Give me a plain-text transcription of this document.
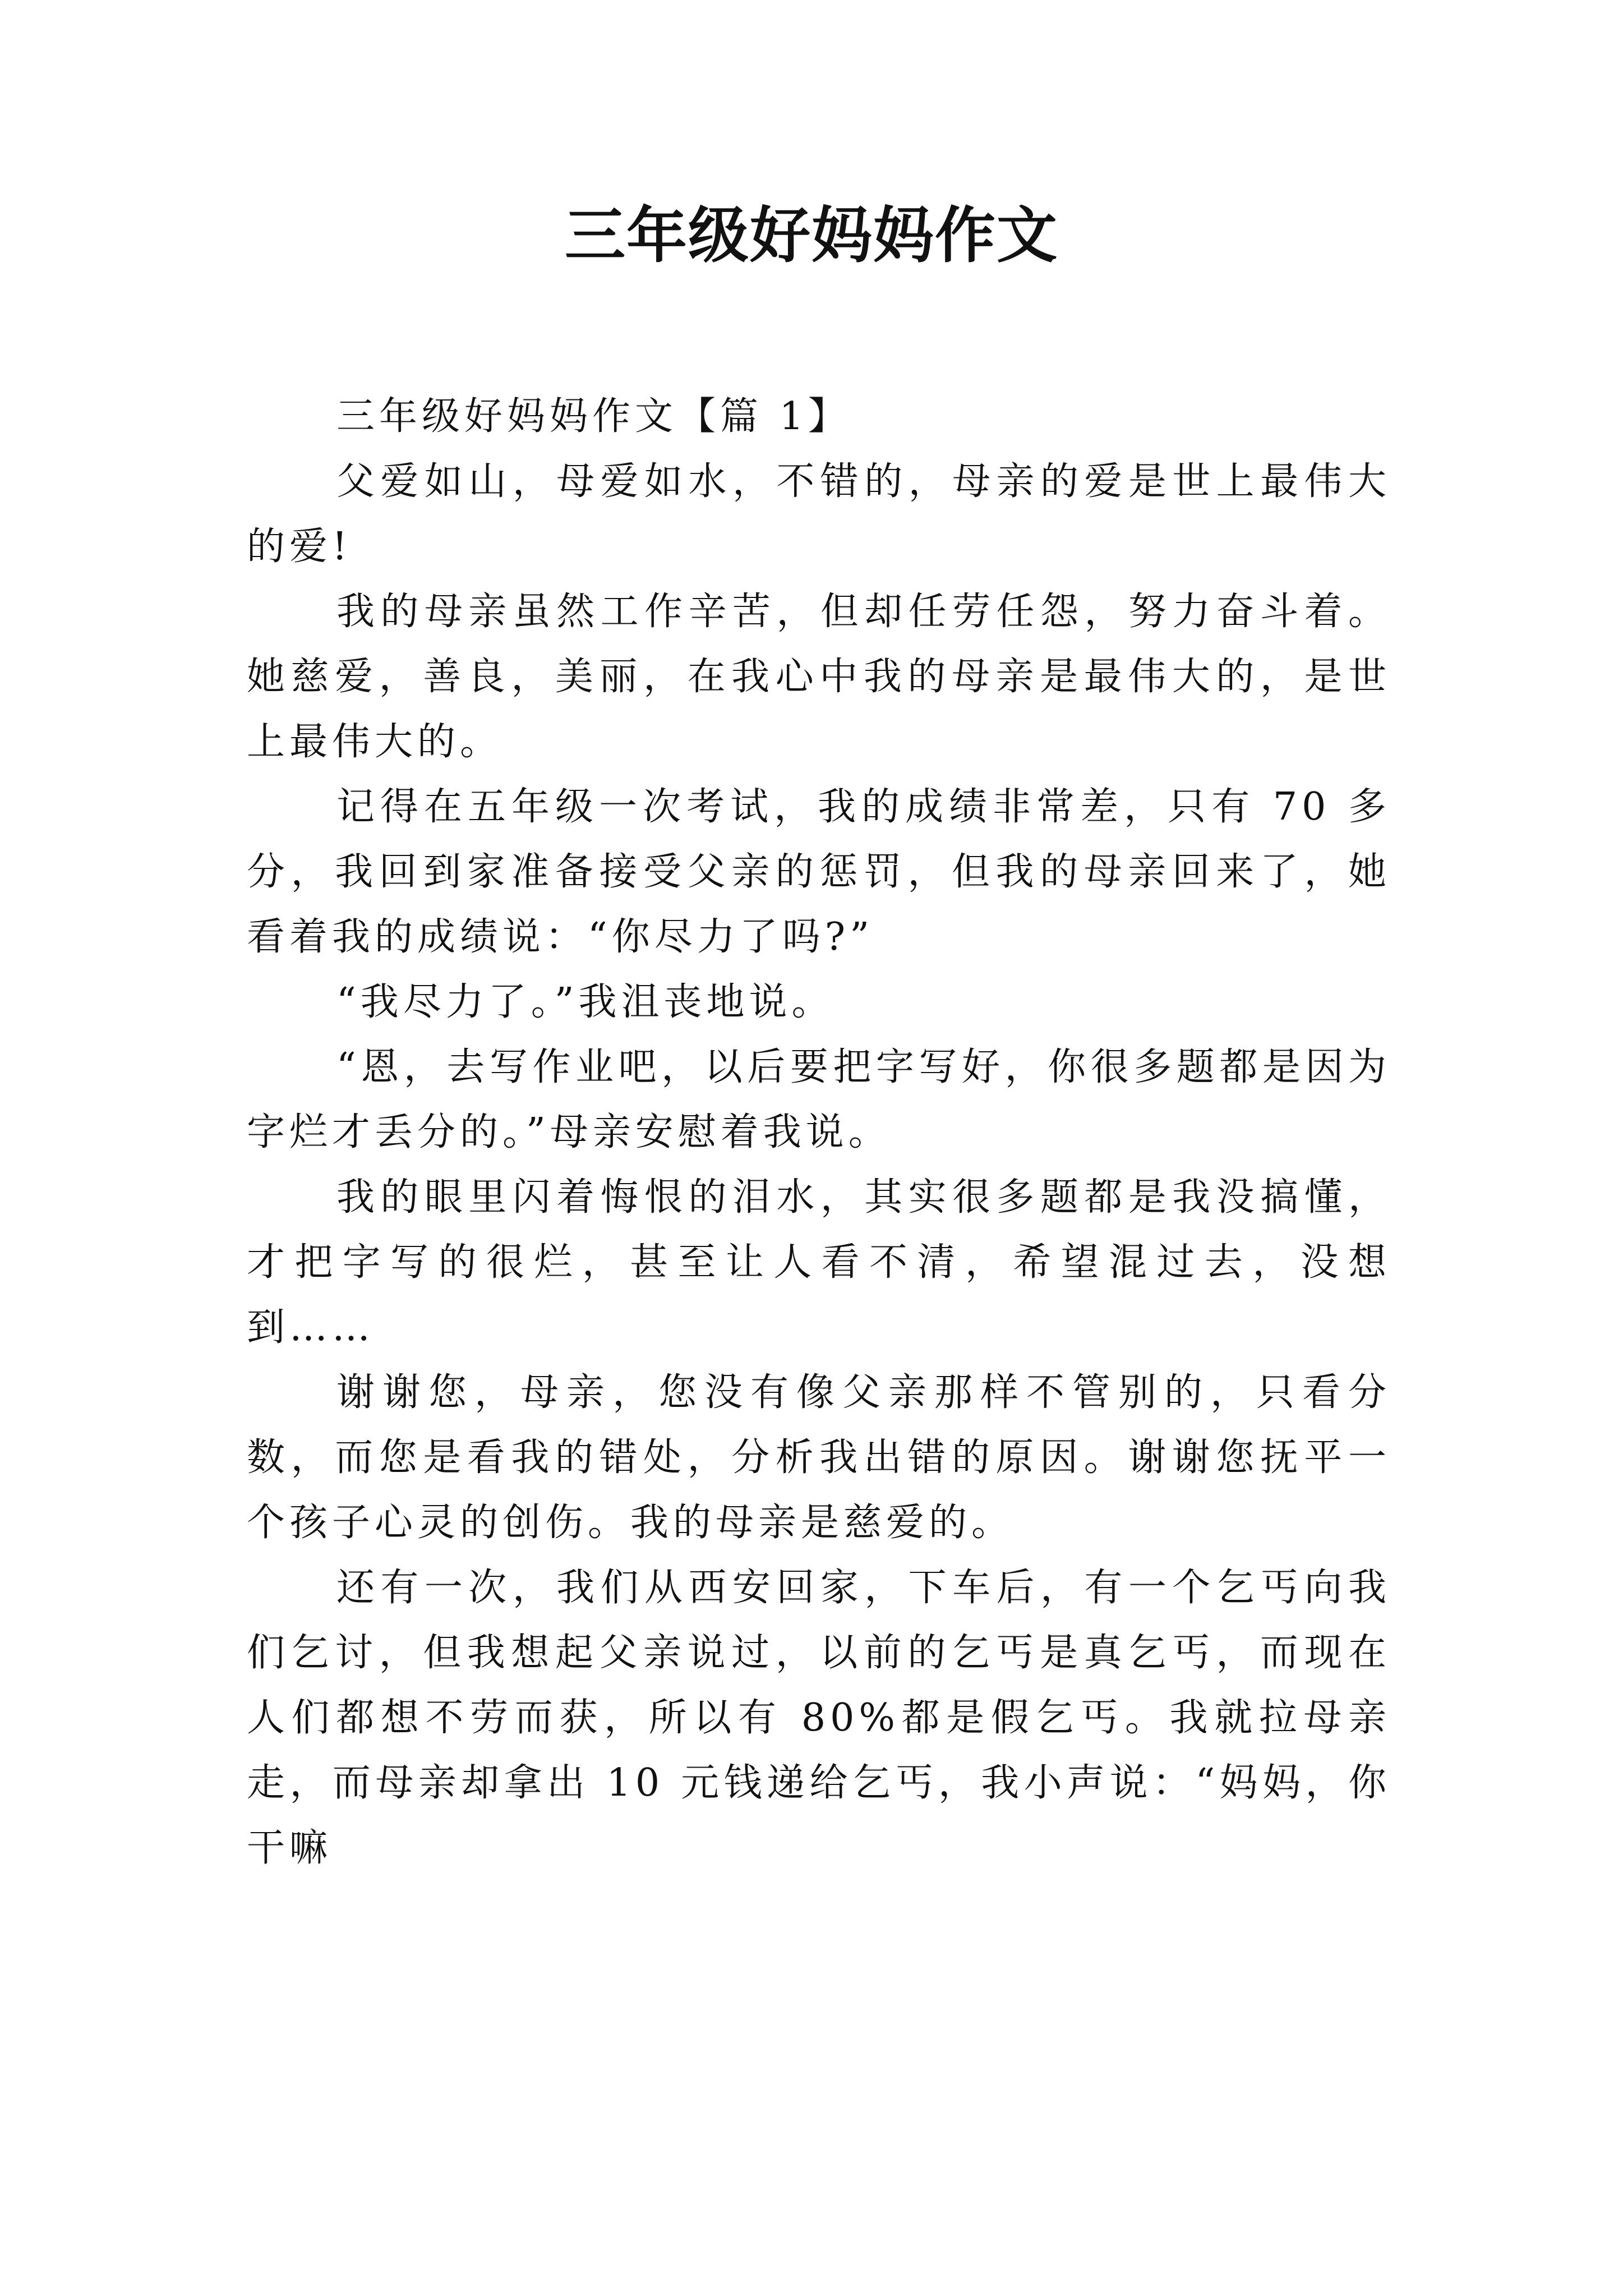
三年级好妈妈作文

三年级好妈妈作文【篇 1】

父爱如山，母爱如水，不错的，母亲的爱是世上最伟大的爱!

我的母亲虽然工作辛苦，但却任劳任怨，努力奋斗着。她慈爱，善良，美丽，在我心中我的母亲是最伟大的，是世上最伟大的。

记得在五年级一次考试，我的成绩非常差，只有 70 多分，我回到家准备接受父亲的惩罚，但我的母亲回来了，她看着我的成绩说：“你尽力了吗?”

“我尽力了。”我沮丧地说。

“恩，去写作业吧，以后要把字写好，你很多题都是因为字烂才丢分的。”母亲安慰着我说。

我的眼里闪着悔恨的泪水，其实很多题都是我没搞懂，才把字写的很烂，甚至让人看不清，希望混过去，没想到……

谢谢您，母亲，您没有像父亲那样不管别的，只看分数，而您是看我的错处，分析我出错的原因。谢谢您抚平一个孩子心灵的创伤。我的母亲是慈爱的。

还有一次，我们从西安回家，下车后，有一个乞丐向我们乞讨，但我想起父亲说过，以前的乞丐是真乞丐，而现在人们都想不劳而获，所以有 80%都是假乞丐。我就拉母亲走，而母亲却拿出 10 元钱递给乞丐，我小声说：“妈妈，你干嘛
